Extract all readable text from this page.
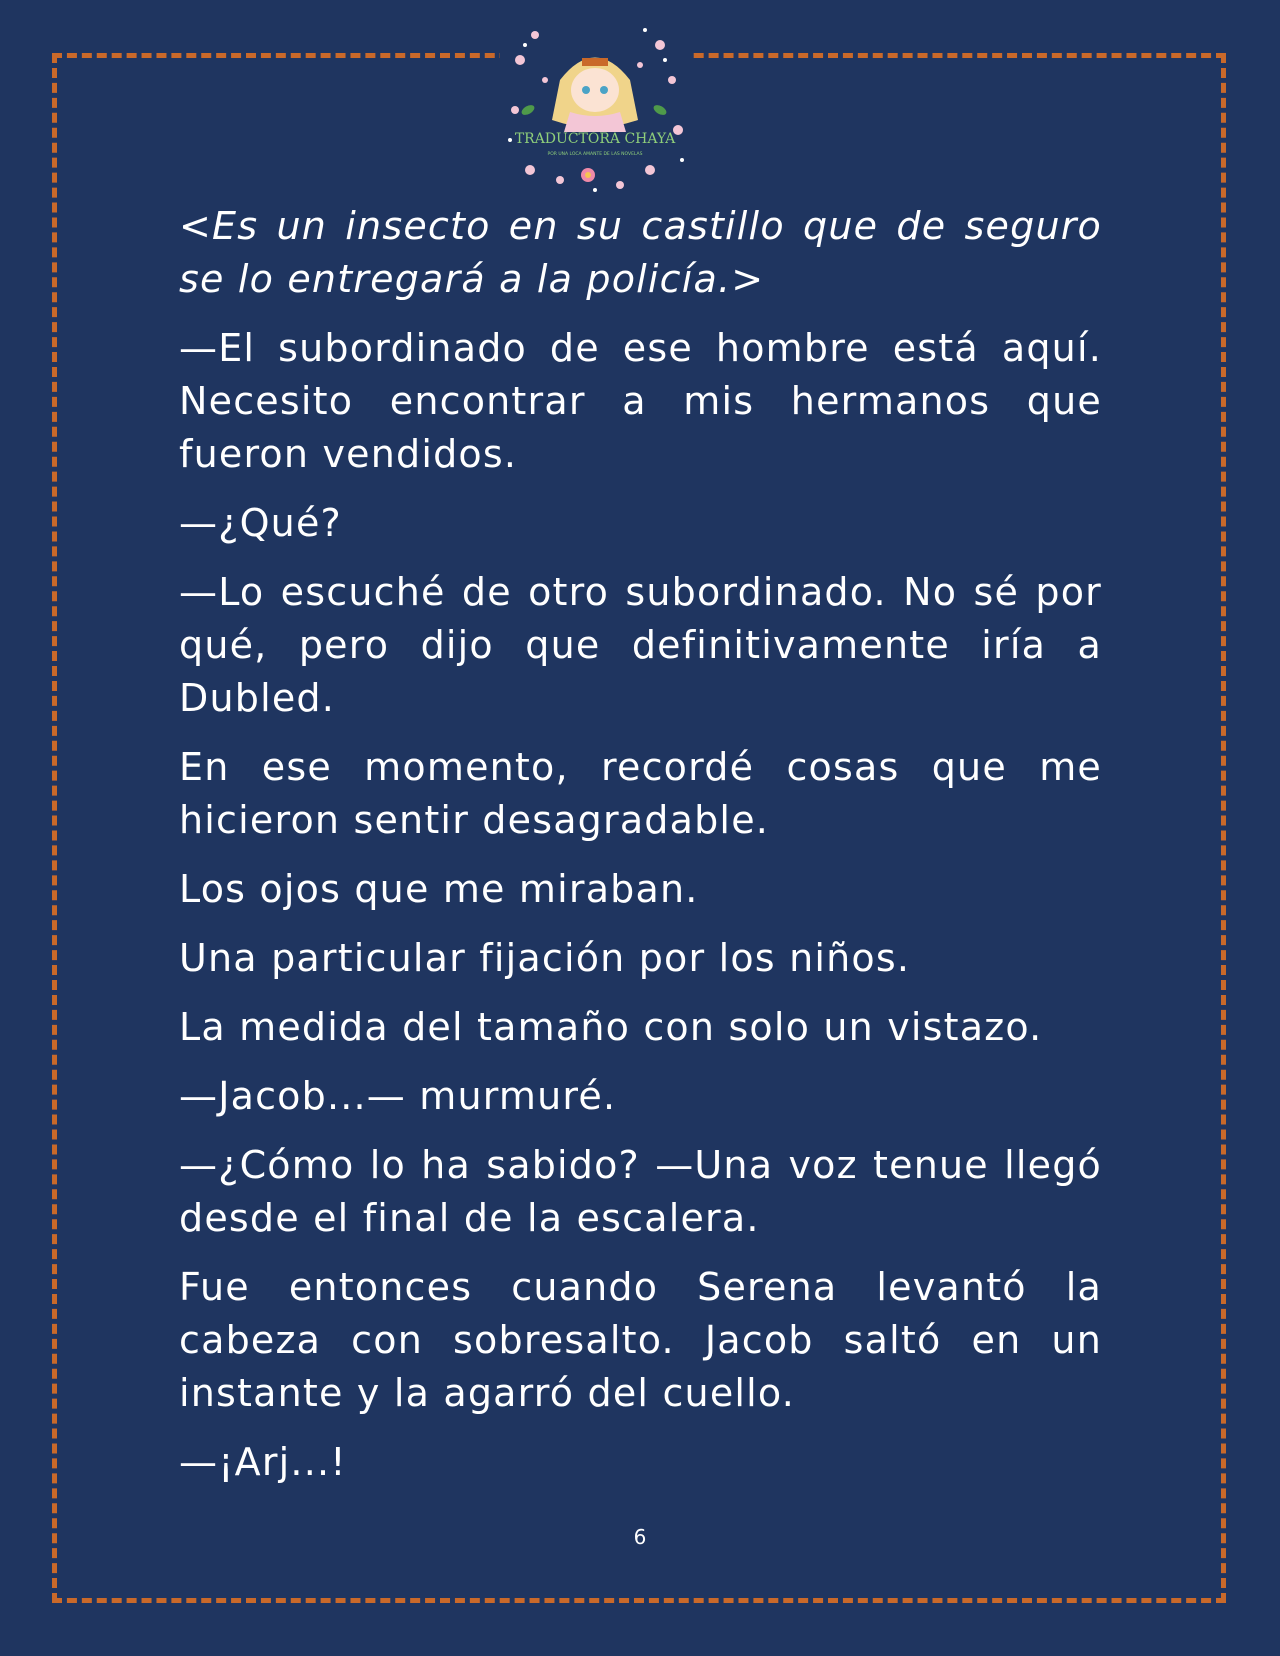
TRADUCTORA CHAYA
POR UNA LOCA AMANTE DE LAS NOVELAS

<Es un insecto en su castillo que de seguro se lo entregará a la policía.>

—El subordinado de ese hombre está aquí. Necesito encontrar a mis hermanos que fueron vendidos.

—¿Qué?

—Lo escuché de otro subordinado. No sé por qué, pero dijo que definitivamente iría a Dubled.

En ese momento, recordé cosas que me hicieron sentir desagradable.

Los ojos que me miraban.

Una particular fijación por los niños.

La medida del tamaño con solo un vistazo.

—Jacob...— murmuré.

—¿Cómo lo ha sabido? —Una voz tenue llegó desde el final de la escalera.

Fue entonces cuando Serena levantó la cabeza con sobresalto. Jacob saltó en un instante y la agarró del cuello.

—¡Arj...!

6
